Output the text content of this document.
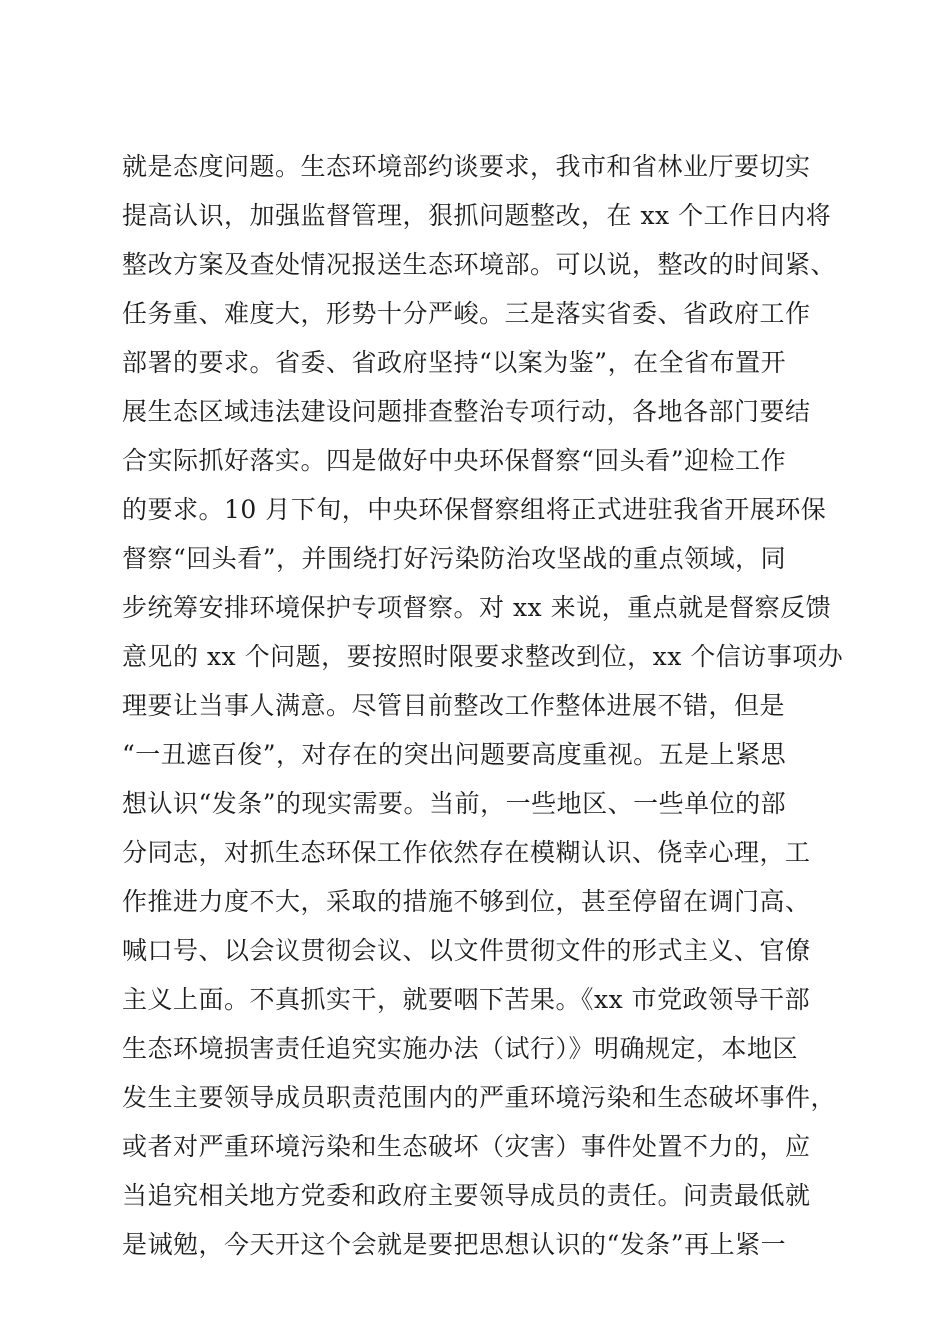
就是态度问题。生态环境部约谈要求，我市和省林业厅要切实
提高认识，加强监督管理，狠抓问题整改，在 xx 个工作日内将
整改方案及查处情况报送生态环境部。可以说，整改的时间紧、
任务重、难度大，形势十分严峻。三是落实省委、省政府工作
部署的要求。省委、省政府坚持“以案为鉴”，在全省布置开
展生态区域违法建设问题排查整治专项行动，各地各部门要结
合实际抓好落实。四是做好中央环保督察“回头看”迎检工作
的要求。10 月下旬，中央环保督察组将正式进驻我省开展环保
督察“回头看”，并围绕打好污染防治攻坚战的重点领域，同
步统筹安排环境保护专项督察。对 xx 来说，重点就是督察反馈
意见的 xx 个问题，要按照时限要求整改到位，xx 个信访事项办
理要让当事人满意。尽管目前整改工作整体进展不错，但是
“一丑遮百俊”，对存在的突出问题要高度重视。五是上紧思
想认识“发条”的现实需要。当前，一些地区、一些单位的部
分同志，对抓生态环保工作依然存在模糊认识、侥幸心理，工
作推进力度不大，采取的措施不够到位，甚至停留在调门高、
喊口号、以会议贯彻会议、以文件贯彻文件的形式主义、官僚
主义上面。不真抓实干，就要咽下苦果。《xx 市党政领导干部
生态环境损害责任追究实施办法（试行）》明确规定，本地区
发生主要领导成员职责范围内的严重环境污染和生态破坏事件，
或者对严重环境污染和生态破坏（灾害）事件处置不力的，应
当追究相关地方党委和政府主要领导成员的责任。问责最低就
是诫勉，今天开这个会就是要把思想认识的“发条”再上紧一
